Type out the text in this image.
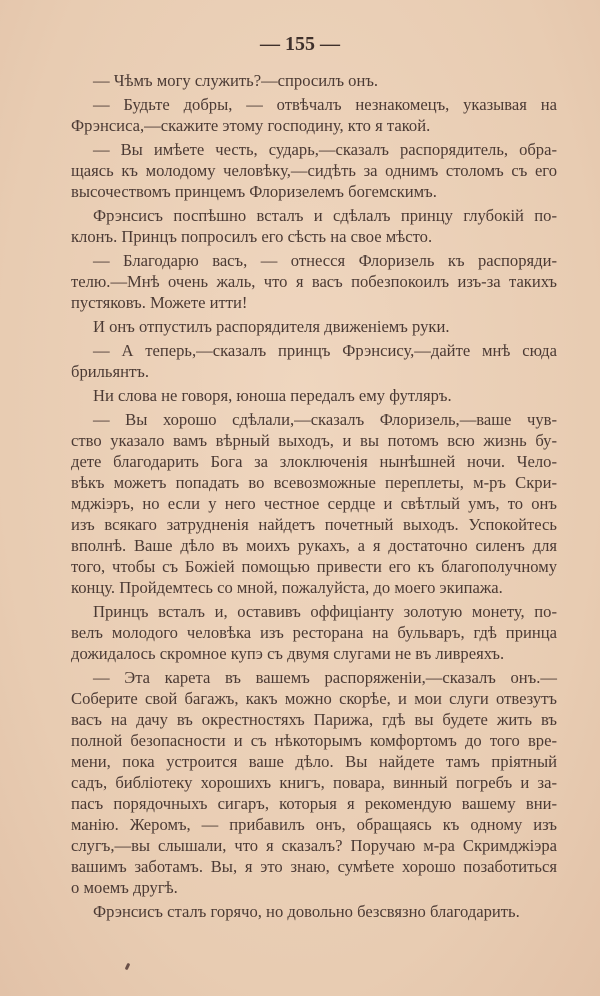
— 155 —
— Чѣмъ могу служить?—спросилъ онъ.
— Будьте добры, — отвѣчалъ незнакомецъ, указывая на
Фрэнсиса,—скажите этому господину, кто я такой.
— Вы имѣете честь, сударь,—сказалъ распорядитель, обра-
щаясь къ молодому человѣку,—сидѣть за однимъ столомъ съ его
высочествомъ принцемъ Флоризелемъ богемскимъ.
Фрэнсисъ поспѣшно всталъ и сдѣлалъ принцу глубокій по-
клонъ. Принцъ попросилъ его сѣсть на свое мѣсто.
— Благодарю васъ, — отнесся Флоризель къ распоряди-
телю.—Мнѣ очень жаль, что я васъ побезпокоилъ изъ-за такихъ
пустяковъ. Можете итти!
И онъ отпустилъ распорядителя движеніемъ руки.
— А теперь,—сказалъ принцъ Фрэнсису,—дайте мнѣ сюда
брильянтъ.
Ни слова не говоря, юноша передалъ ему футляръ.
— Вы хорошо сдѣлали,—сказалъ Флоризель,—ваше чув-
ство указало вамъ вѣрный выходъ, и вы потомъ всю жизнь бу-
дете благодарить Бога за злоключенія нынѣшней ночи. Чело-
вѣкъ можетъ попадать во всевозможные переплеты, м-ръ Скри-
мджіэръ, но если у него честное сердце и свѣтлый умъ, то онъ
изъ всякаго затрудненія найдетъ почетный выходъ. Успокойтесь
вполнѣ. Ваше дѣло въ моихъ рукахъ, а я достаточно силенъ для
того, чтобы съ Божіей помощью привести его къ благополучному
концу. Пройдемтесь со мной, пожалуйста, до моего экипажа.
Принцъ всталъ и, оставивъ оффиціанту золотую монету, по-
велъ молодого человѣка изъ ресторана на бульваръ, гдѣ принца
дожидалось скромное купэ съ двумя слугами не въ ливреяхъ.
— Эта карета въ вашемъ распоряженіи,—сказалъ онъ.—
Соберите свой багажъ, какъ можно скорѣе, и мои слуги отвезутъ
васъ на дачу въ окрестностяхъ Парижа, гдѣ вы будете жить въ
полной безопасности и съ нѣкоторымъ комфортомъ до того вре-
мени, пока устроится ваше дѣло. Вы найдете тамъ пріятный
садъ, библіотеку хорошихъ книгъ, повара, винный погребъ и за-
пасъ порядочныхъ сигаръ, которыя я рекомендую вашему вни-
манію. Жеромъ, — прибавилъ онъ, обращаясь къ одному изъ
слугъ,—вы слышали, что я сказалъ? Поручаю м-ра Скримджіэра
вашимъ заботамъ. Вы, я это знаю, сумѣете хорошо позаботиться
о моемъ другѣ.
Фрэнсисъ сталъ горячо, но довольно безсвязно благодарить.
